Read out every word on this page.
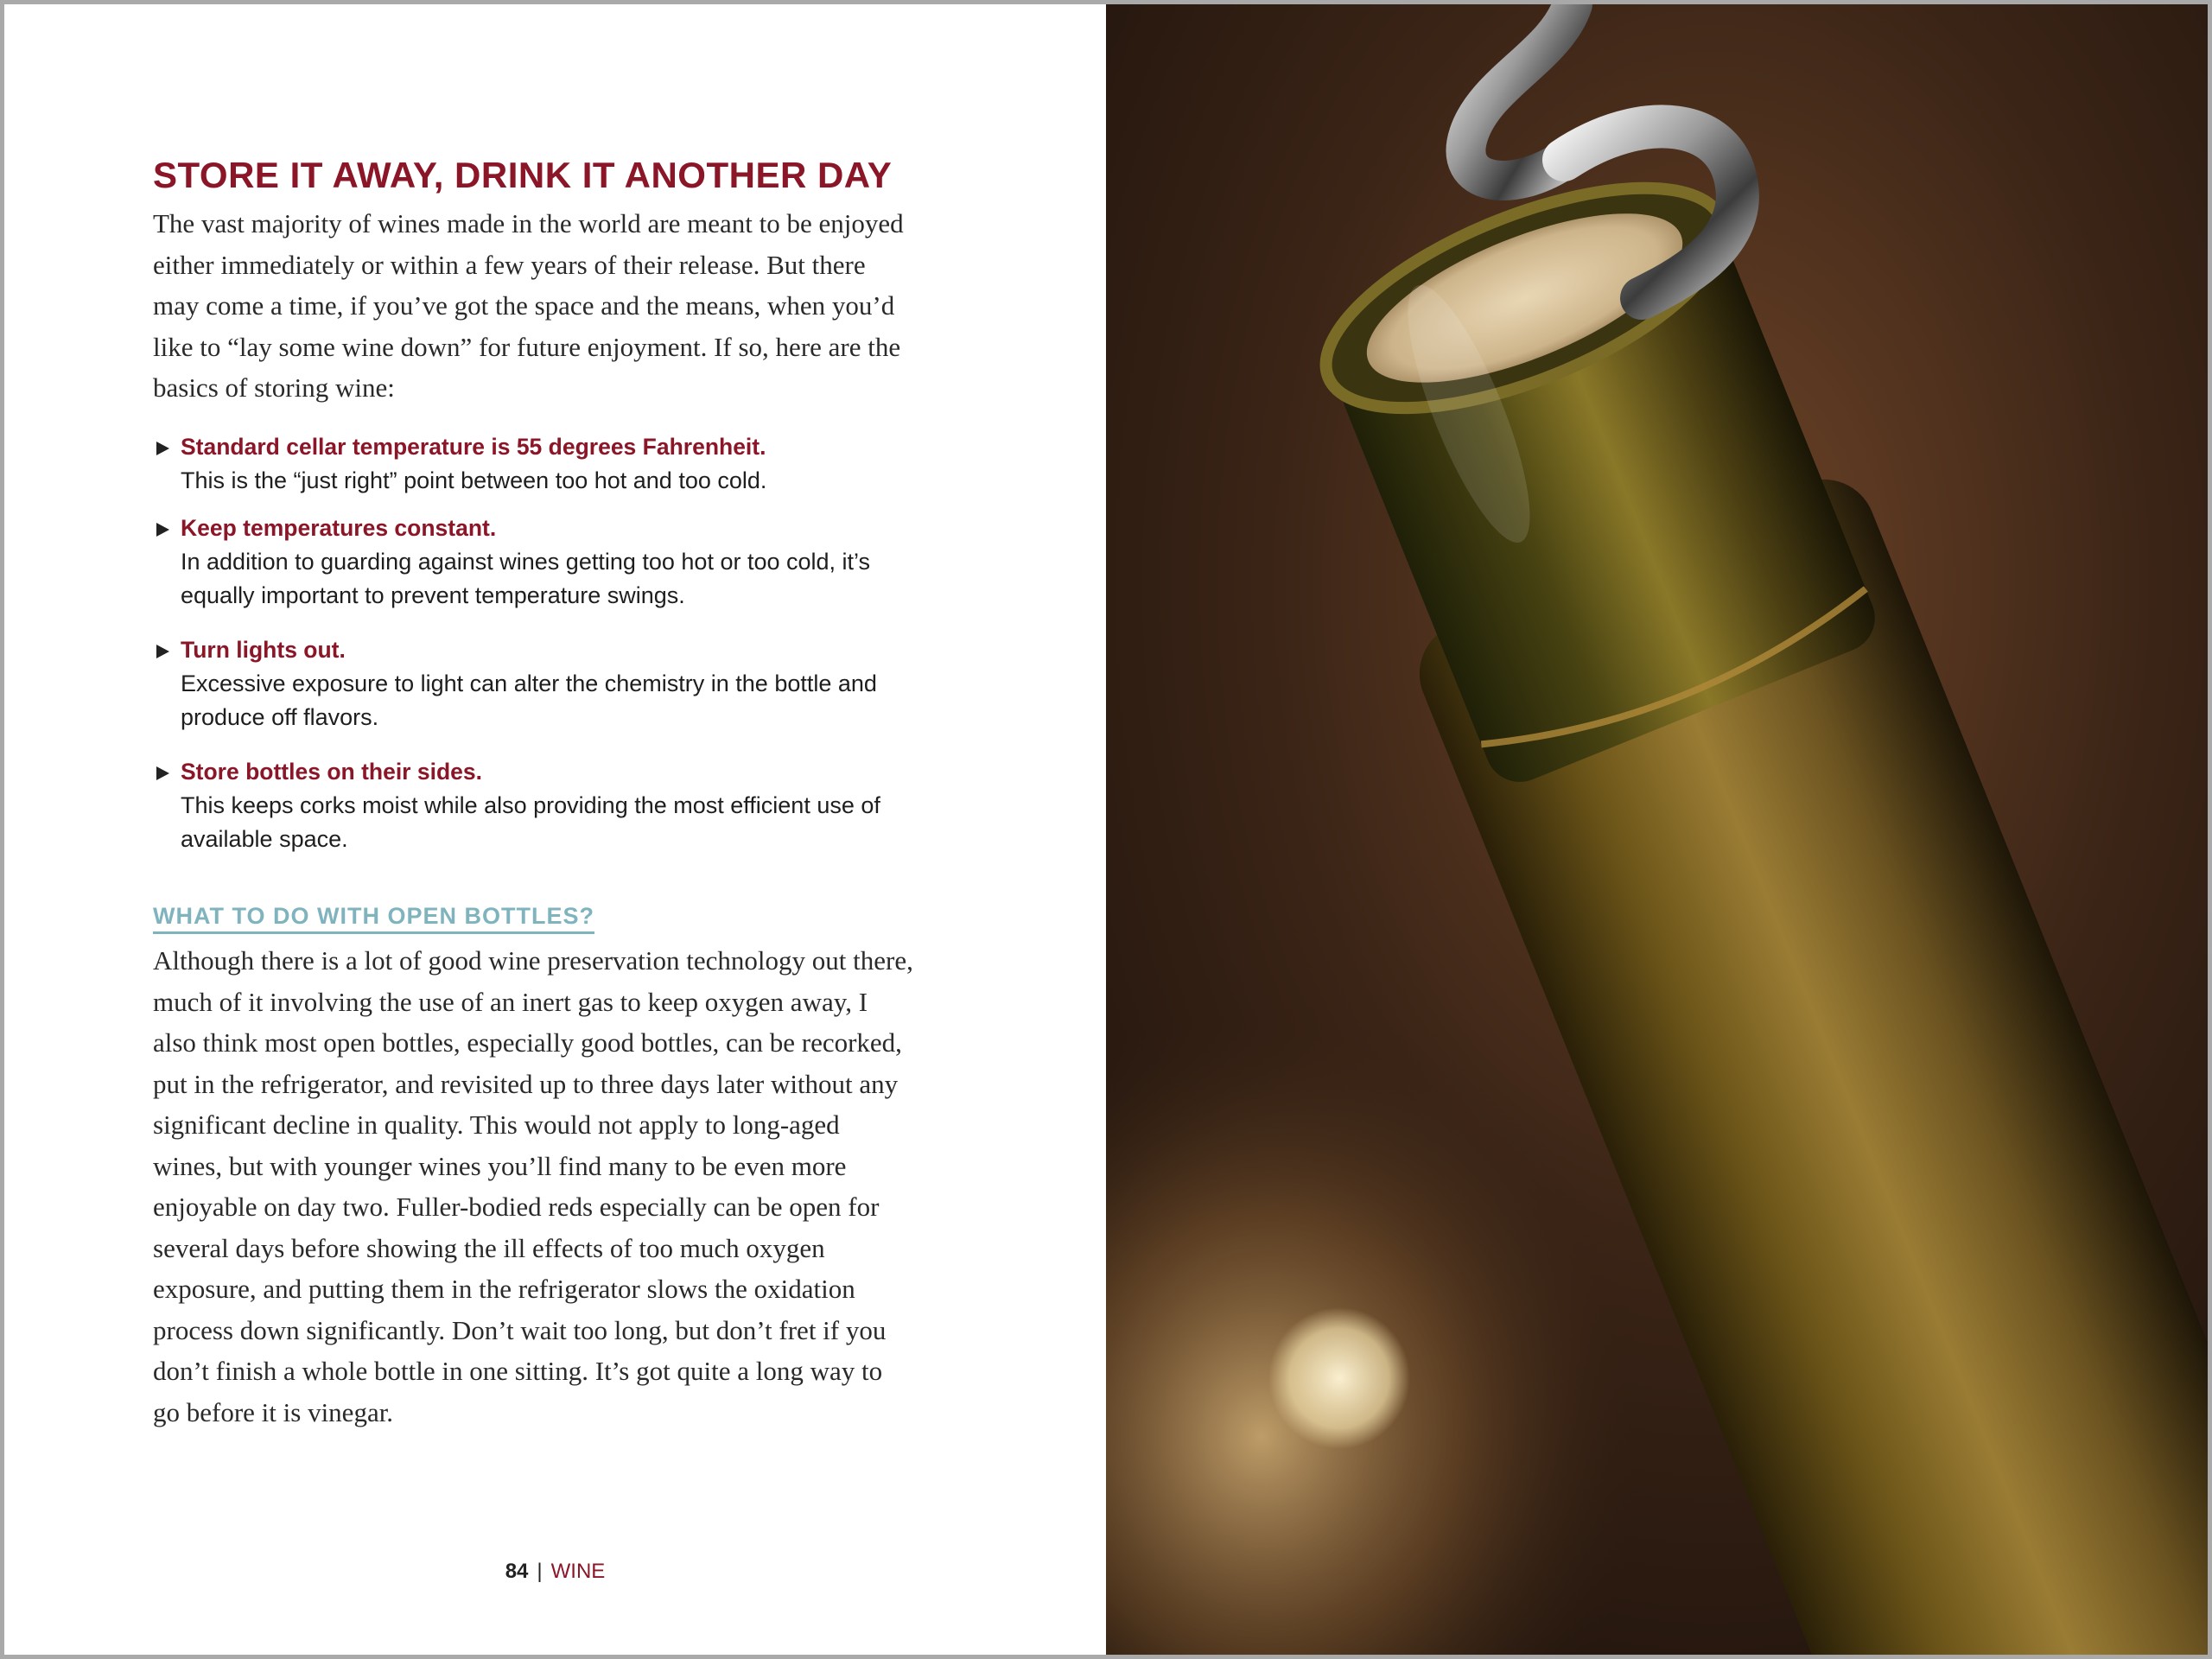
STORE IT AWAY, DRINK IT ANOTHER DAY

The vast majority of wines made in the world are meant to be enjoyed either immediately or within a few years of their release. But there may come a time, if you’ve got the space and the means, when you’d like to “lay some wine down” for future enjoyment. If so, here are the basics of storing wine:

Standard cellar temperature is 55 degrees Fahrenheit.
This is the “just right” point between too hot and too cold.
Keep temperatures constant.
In addition to guarding against wines getting too hot or too cold, it’s equally important to prevent temperature swings.
Turn lights out.
Excessive exposure to light can alter the chemistry in the bottle and produce off flavors.
Store bottles on their sides.
This keeps corks moist while also providing the most efficient use of available space.
WHAT TO DO WITH OPEN BOTTLES?

Although there is a lot of good wine preservation technology out there, much of it involving the use of an inert gas to keep oxygen away, I also think most open bottles, especially good bottles, can be recorked, put in the refrigerator, and revisited up to three days later without any significant decline in quality. This would not apply to long-aged wines, but with younger wines you’ll find many to be even more enjoyable on day two. Fuller-bodied reds especially can be open for several days before showing the ill effects of too much oxygen exposure, and putting them in the refrigerator slows the oxidation process down significantly. Don’t wait too long, but don’t fret if you don’t finish a whole bottle in one sitting. It’s got quite a long way to go before it is vinegar.

84 | WINE
